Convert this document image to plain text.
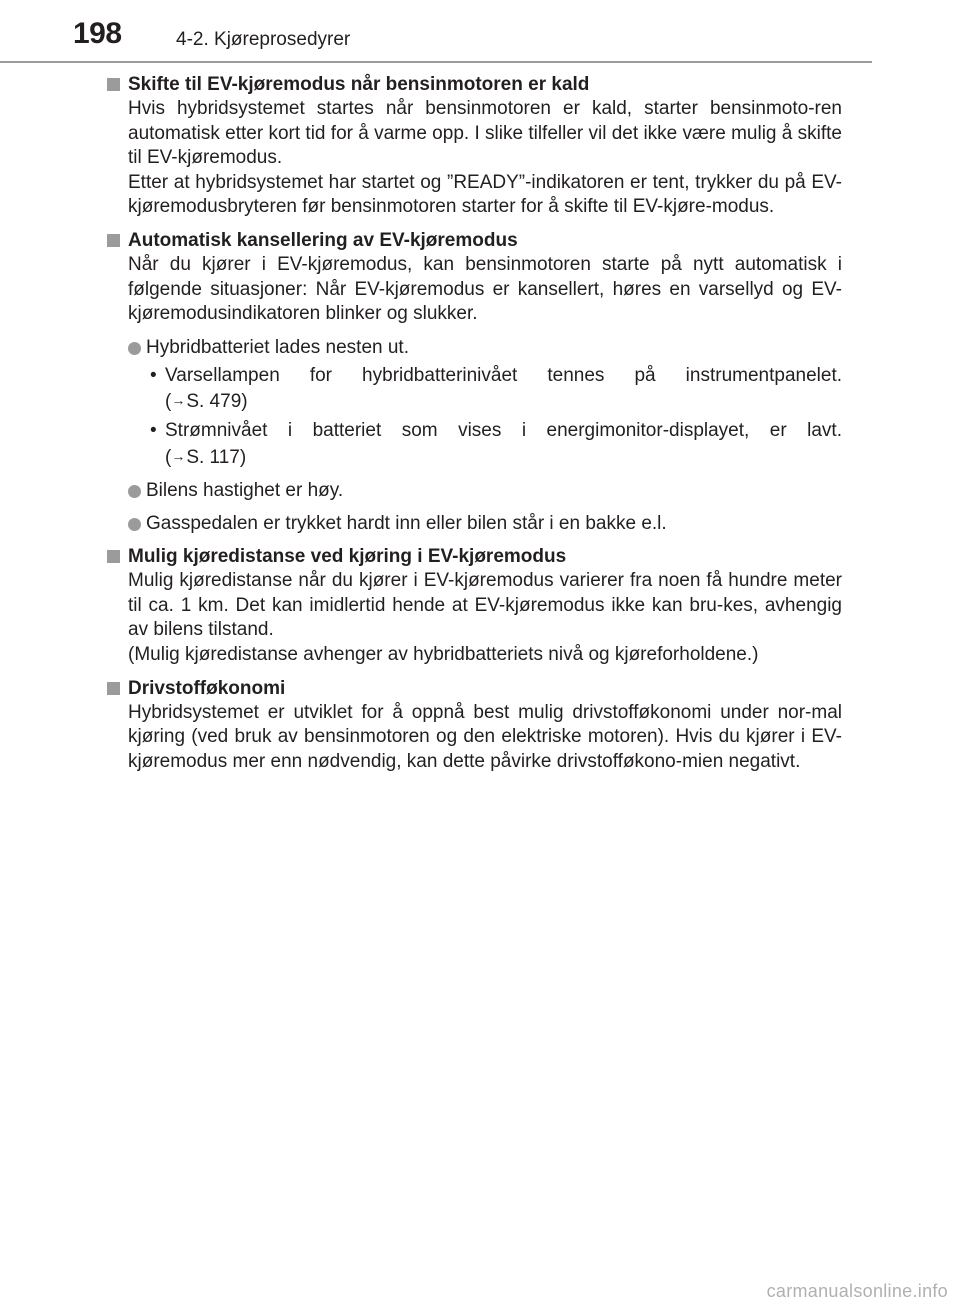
198	4-2. Kjøreprosedyrer
Skifte til EV-kjøremodus når bensinmotoren er kald

Hvis hybridsystemet startes når bensinmotoren er kald, starter bensinmoto-ren automatisk etter kort tid for å varme opp. I slike tilfeller vil det ikke være mulig å skifte til EV-kjøremodus.

Etter at hybridsystemet har startet og ”READY”-indikatoren er tent, trykker du på EV-kjøremodusbryteren før bensinmotoren starter for å skifte til EV-kjøre-modus.

Automatisk kansellering av EV-kjøremodus

Når du kjører i EV-kjøremodus, kan bensinmotoren starte på nytt automatisk i følgende situasjoner: Når EV-kjøremodus er kansellert, høres en varsellyd og EV-kjøremodusindikatoren blinker og slukker.

Hybridbatteriet lades nesten ut.
• Varsellampen for hybridbatterinivået tennes på instrumentpanelet.
(→S. 479)
• Strømnivået i batteriet som vises i energimonitor-displayet, er lavt.
(→S. 117)
Bilens hastighet er høy.
Gasspedalen er trykket hardt inn eller bilen står i en bakke e.l.
Mulig kjøredistanse ved kjøring i EV-kjøremodus

Mulig kjøredistanse når du kjører i EV-kjøremodus varierer fra noen få hundre meter til ca. 1 km. Det kan imidlertid hende at EV-kjøremodus ikke kan bru-kes, avhengig av bilens tilstand.

(Mulig kjøredistanse avhenger av hybridbatteriets nivå og kjøreforholdene.)

Drivstofføkonomi

Hybridsystemet er utviklet for å oppnå best mulig drivstofføkonomi under nor-mal kjøring (ved bruk av bensinmotoren og den elektriske motoren). Hvis du kjører i EV-kjøremodus mer enn nødvendig, kan dette påvirke drivstofføkono-mien negativt.

carmanualsonline.info
